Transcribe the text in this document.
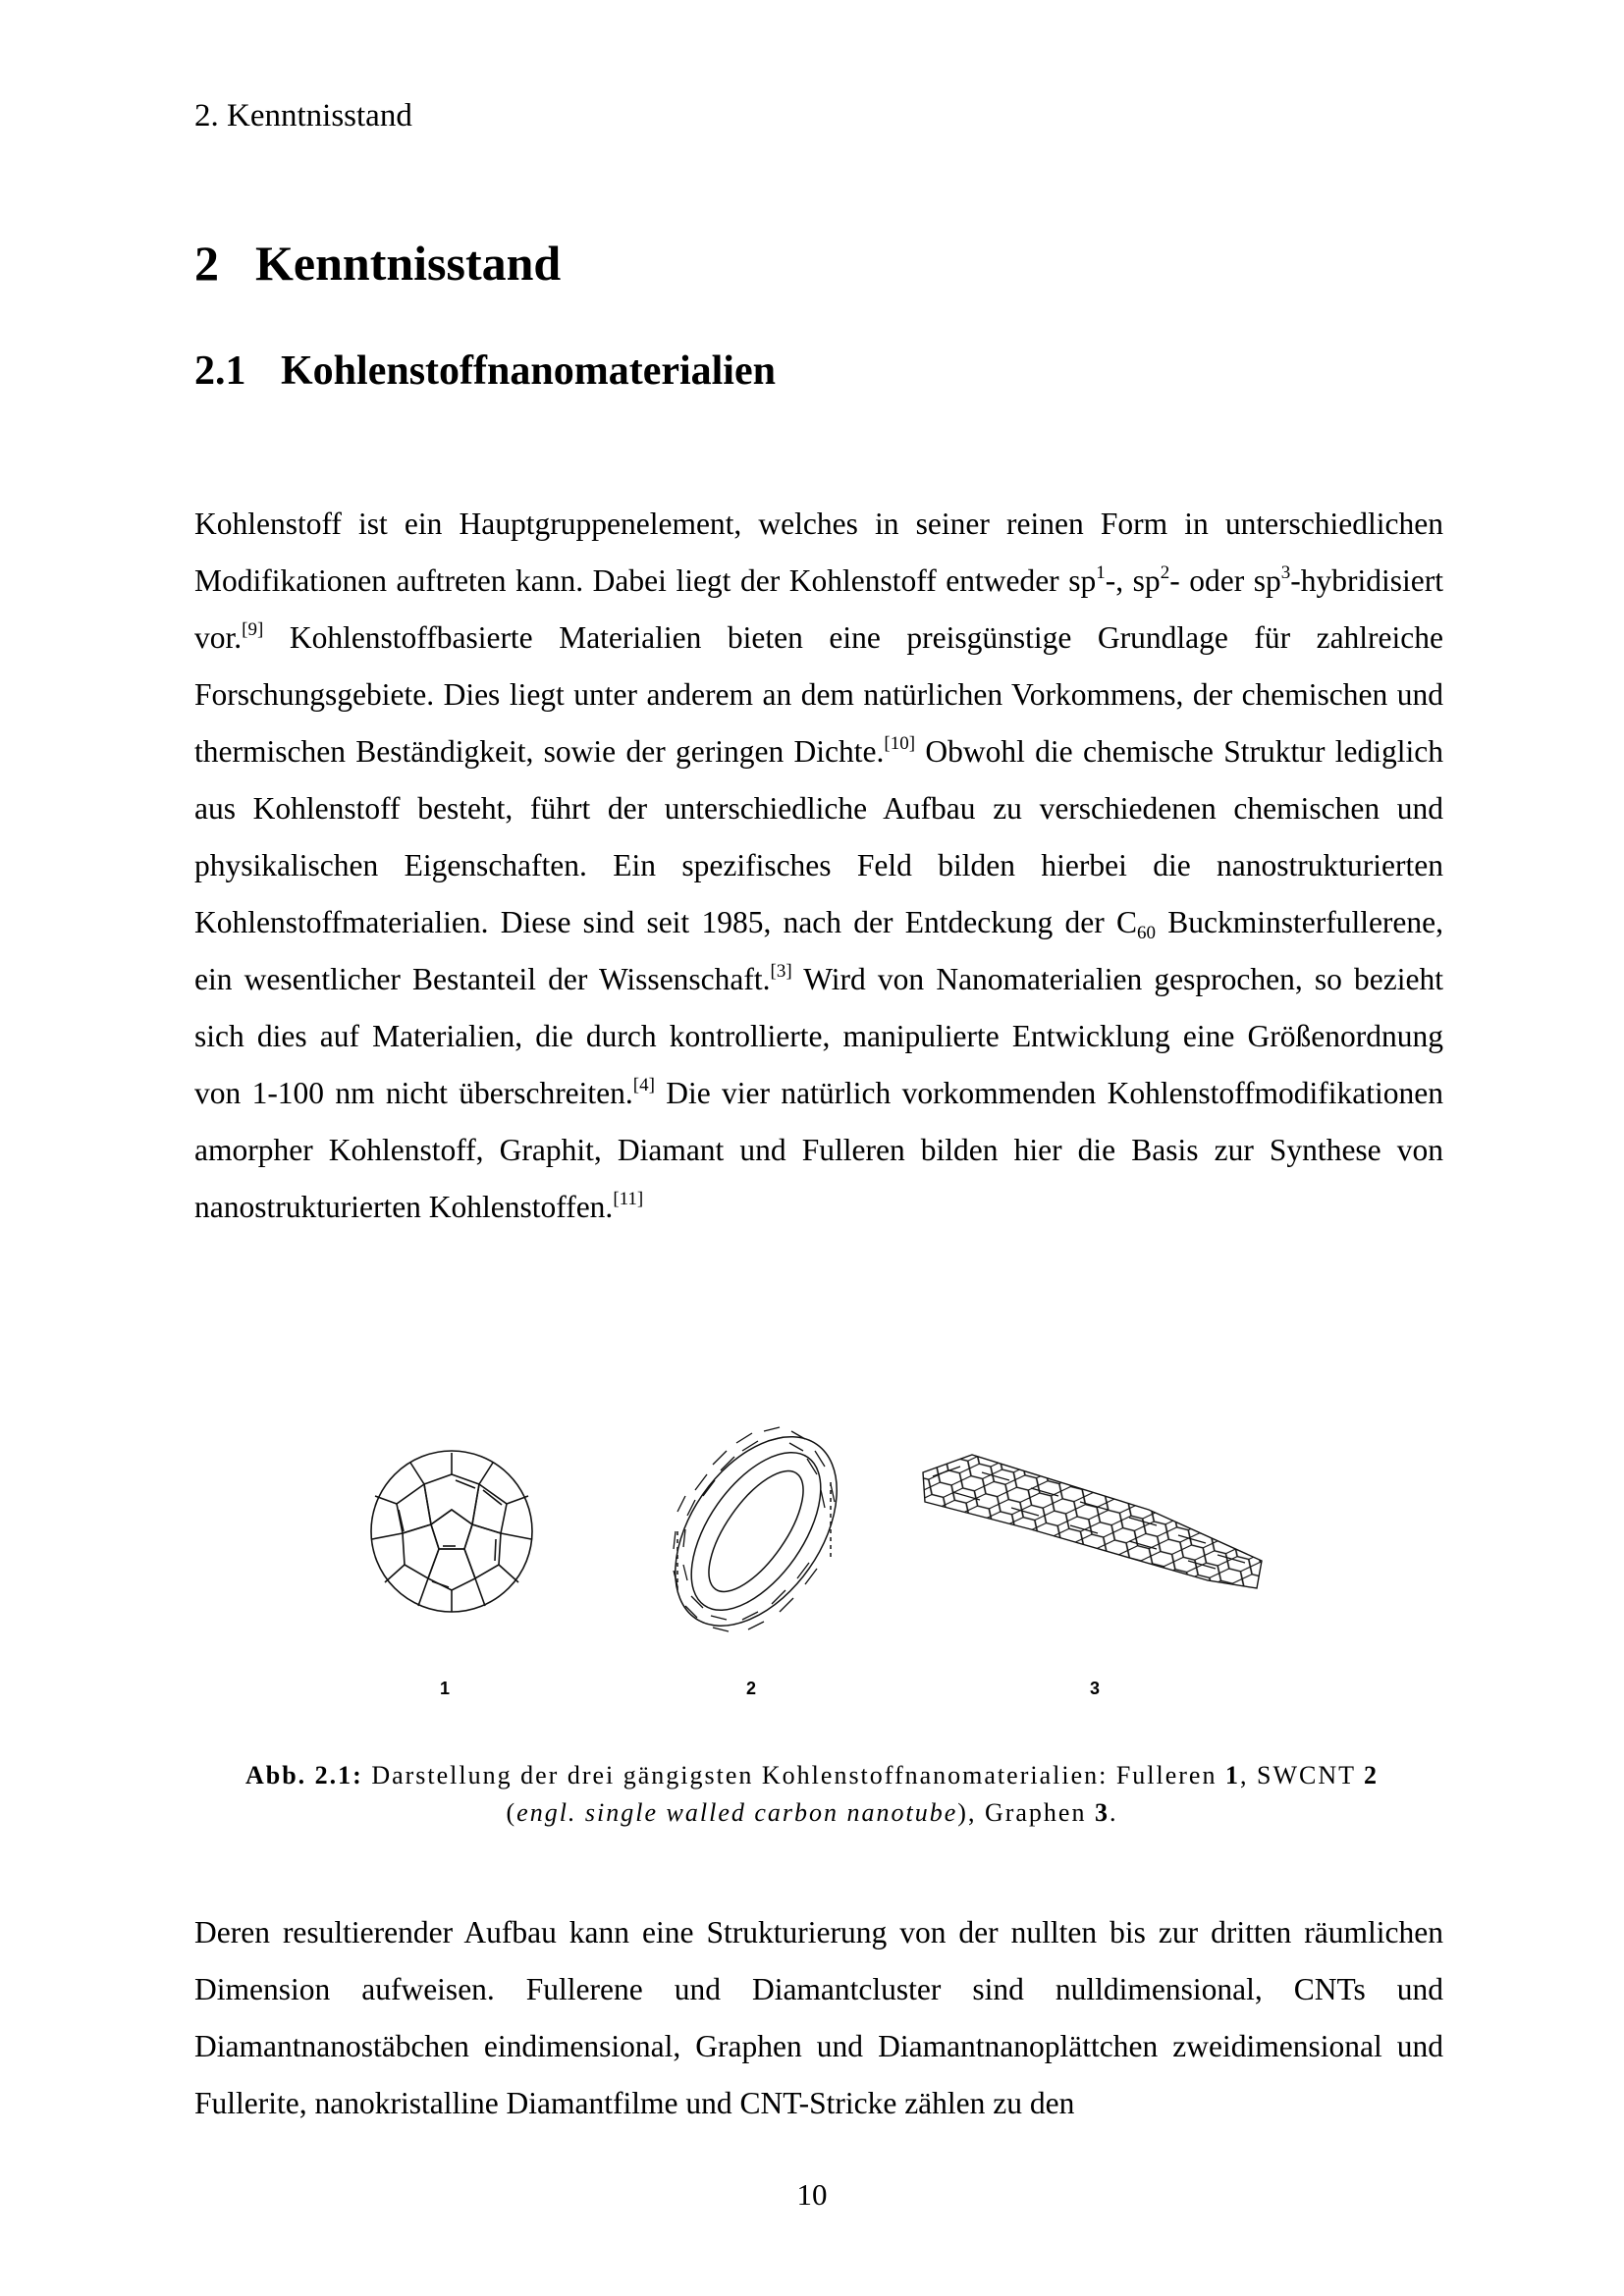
2. Kenntnisstand
2 Kenntnisstand
2.1 Kohlenstoffnanomaterialien

Kohlenstoff ist ein Hauptgruppenelement, welches in seiner reinen Form in unterschiedlichen Modifikationen auftreten kann. Dabei liegt der Kohlenstoff entweder $sp^1-$, $sp^2-$ oder $sp^3$-hybridisiert vor.[9] Kohlenstoffbasierte Materialien bieten eine preisgünstige Grundlage für zahlreiche Forschungsgebiete. Dies liegt unter anderem an dem natürlichen Vorkommens, der chemischen und thermischen Beständigkeit, sowie der geringen Dichte.[10] Obwohl die chemische Struktur lediglich aus Kohlenstoff besteht, führt der unterschiedliche Aufbau zu verschiedenen chemischen und physikalischen Eigenschaften. Ein spezifisches Feld bilden hierbei die nanostrukturierten Kohlenstoffmaterialien. Diese sind seit 1985, nach der Entdeckung der $C_{60}$ Buckminsterfullerene, ein wesentlicher Bestanteil der Wissenschaft.[3] Wird von Nanomaterialien gesprochen, so bezieht sich dies auf Materialien, die durch kontrollierte, manipulierte Entwicklung eine Größenordnung von 1-100 nm nicht überschreiten.[4] Die vier natürlich vorkommenden Kohlenstoffmodifikationen amorpher Kohlenstoff, Graphit, Diamant und Fulleren bilden hier die Basis zur Synthese von nanostrukturierten Kohlenstoffen.[11]

1	2	3

Abb. 2.1: Darstellung der drei gängigsten Kohlenstoffnanomaterialien: Fulleren 1, SWCNT 2
(engl. single walled carbon nanotube), Graphen 3.

Deren resultierender Aufbau kann eine Strukturierung von der nullten bis zur dritten räumlichen Dimension aufweisen. Fullerene und Diamantcluster sind nulldimensional, CNTs und Diamantnanostäbchen eindimensional, Graphen und Diamantnanoplättchen zweidimensional und Fullerite, nanokristalline Diamantfilme und CNT-Stricke zählen zu den

10
